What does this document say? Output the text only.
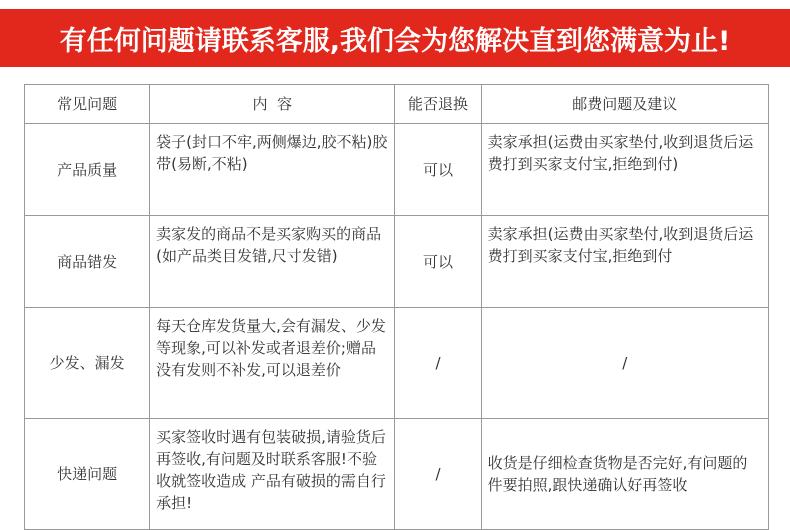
有任何问题请联系客服,我们会为您解决直到您满意为止!
常见问题	内  容	能否退换	邮费问题及建议
产品质量	袋子(封口不牢,两侧爆边,胶不粘)胶带(易断,不粘)	可以	卖家承担(运费由买家垫付,收到退货后运费打到买家支付宝,拒绝到付)
商品错发	卖家发的商品不是买家购买的商品(如产品类目发错,尺寸发错)	可以	卖家承担(运费由买家垫付,收到退货后运费打到买家支付宝,拒绝到付
少发、漏发	每天仓库发货量大,会有漏发、少发等现象,可以补发或者退差价;赠品没有发则不补发,可以退差价	/	/
快递问题	买家签收时遇有包装破损,请验货后再签收,有问题及时联系客服!不验收就签收造成 产品有破损的需自行承担!	/	收货是仔细检查货物是否完好,有问题的件要拍照,跟快递确认好再签收
